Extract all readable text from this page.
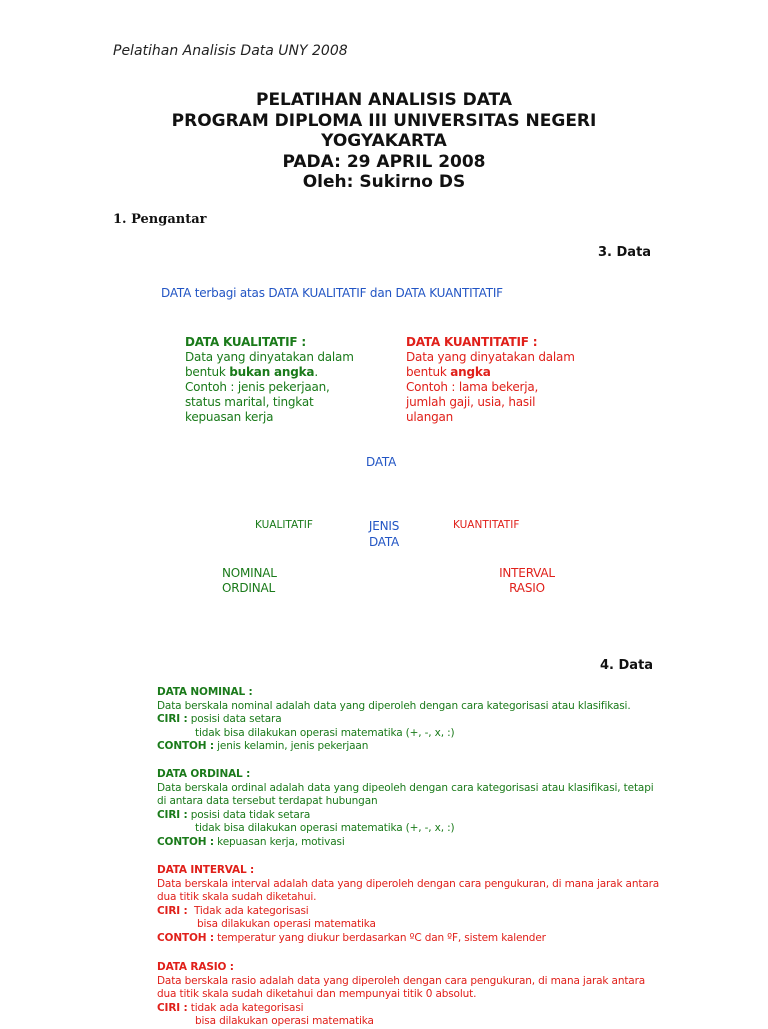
Pelatihan Analisis Data UNY 2008
PELATIHAN ANALISIS DATA
PROGRAM DIPLOMA III UNIVERSITAS NEGERI
YOGYAKARTA
PADA: 29 APRIL 2008
Oleh: Sukirno DS
1. Pengantar
3. Data
DATA terbagi atas DATA KUALITATIF dan DATA KUANTITATIF
DATA KUALITATIF :
Data yang dinyatakan dalam
bentuk bukan angka.
Contoh : jenis pekerjaan,
status marital, tingkat
kepuasan kerja
DATA KUANTITATIF :
Data yang dinyatakan dalam
bentuk angka
Contoh : lama bekerja,
jumlah gaji, usia, hasil
ulangan
DATA
JENIS
DATA
KUALITATIF	KUANTITATIF
NOMINAL
ORDINAL
INTERVAL
RASIO
4. Data
DATA NOMINAL :
Data berskala nominal adalah data yang diperoleh dengan cara kategorisasi atau klasifikasi.
CIRI : posisi data setara
tidak bisa dilakukan operasi matematika (+, -, x, :)
CONTOH : jenis kelamin, jenis pekerjaan
DATA ORDINAL :
Data berskala ordinal adalah data yang dipeoleh dengan cara kategorisasi atau klasifikasi, tetapi
di antara data tersebut terdapat hubungan
CIRI : posisi data tidak setara
tidak bisa dilakukan operasi matematika (+, -, x, :)
CONTOH : kepuasan kerja, motivasi
DATA INTERVAL :
Data berskala interval adalah data yang diperoleh dengan cara pengukuran, di mana jarak antara
dua titik skala sudah diketahui.
CIRI : Tidak ada kategorisasi
bisa dilakukan operasi matematika
CONTOH : temperatur yang diukur berdasarkan ºC dan ºF, sistem kalender
DATA RASIO :
Data berskala rasio adalah data yang diperoleh dengan cara pengukuran, di mana jarak antara
dua titik skala sudah diketahui dan mempunyai titik 0 absolut.
CIRI : tidak ada kategorisasi
bisa dilakukan operasi matematika
